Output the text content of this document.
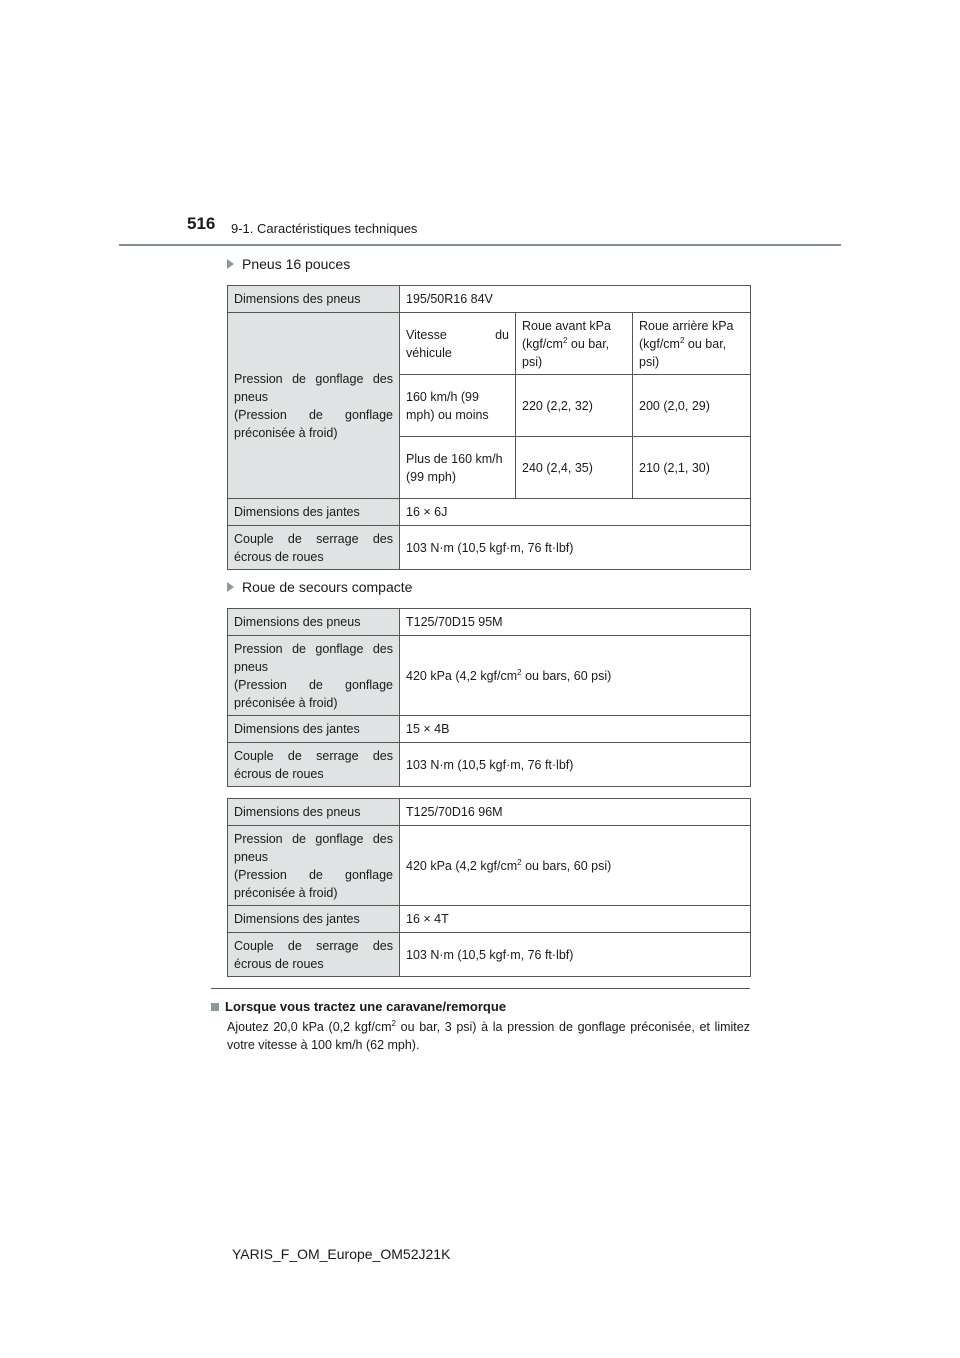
516 9-1. Caractéristiques techniques
Pneus 16 pouces
Dimensions des pneus	195/50R16 84V		
Pression de gonflage des pneus
(Pression de gonflage préconisée à froid)	Vitesse du véhicule	Roue avant kPa ($kgf/cm^2$ ou bar, psi)	Roue arrière kPa ($kgf/cm^2$ ou bar, psi)
	160 km/h (99 mph) ou moins	220 (2,2, 32)	200 (2,0, 29)
	Plus de 160 km/h (99 mph)	240 (2,4, 35)	210 (2,1, 30)
Dimensions des jantes	16 × 6J		
Couple de serrage des écrous de roues	103 N·m (10,5 kgf·m, 76 ft·lbf)		
Roue de secours compacte
Dimensions des pneus	T125/70D15 95M
Pression de gonflage des pneus
(Pression de gonflage préconisée à froid)	420 kPa (4,2 kgf/$cm^2$ ou bars, 60 psi)
Dimensions des jantes	15 × 4B
Couple de serrage des écrous de roues	103 N·m (10,5 kgf·m, 76 ft·lbf)
Dimensions des pneus	T125/70D16 96M
Pression de gonflage des pneus
(Pression de gonflage préconisée à froid)	420 kPa (4,2 kgf/$cm^2$ ou bars, 60 psi)
Dimensions des jantes	16 × 4T
Couple de serrage des écrous de roues	103 N·m (10,5 kgf·m, 76 ft·lbf)
Lorsque vous tractez une caravane/remorque
Ajoutez 20,0 kPa (0,2 kgf/$cm^2$ ou bar, 3 psi) à la pression de gonflage préconisée, et limitez votre vitesse à 100 km/h (62 mph).
YARIS_F_OM_Europe_OM52J21K
